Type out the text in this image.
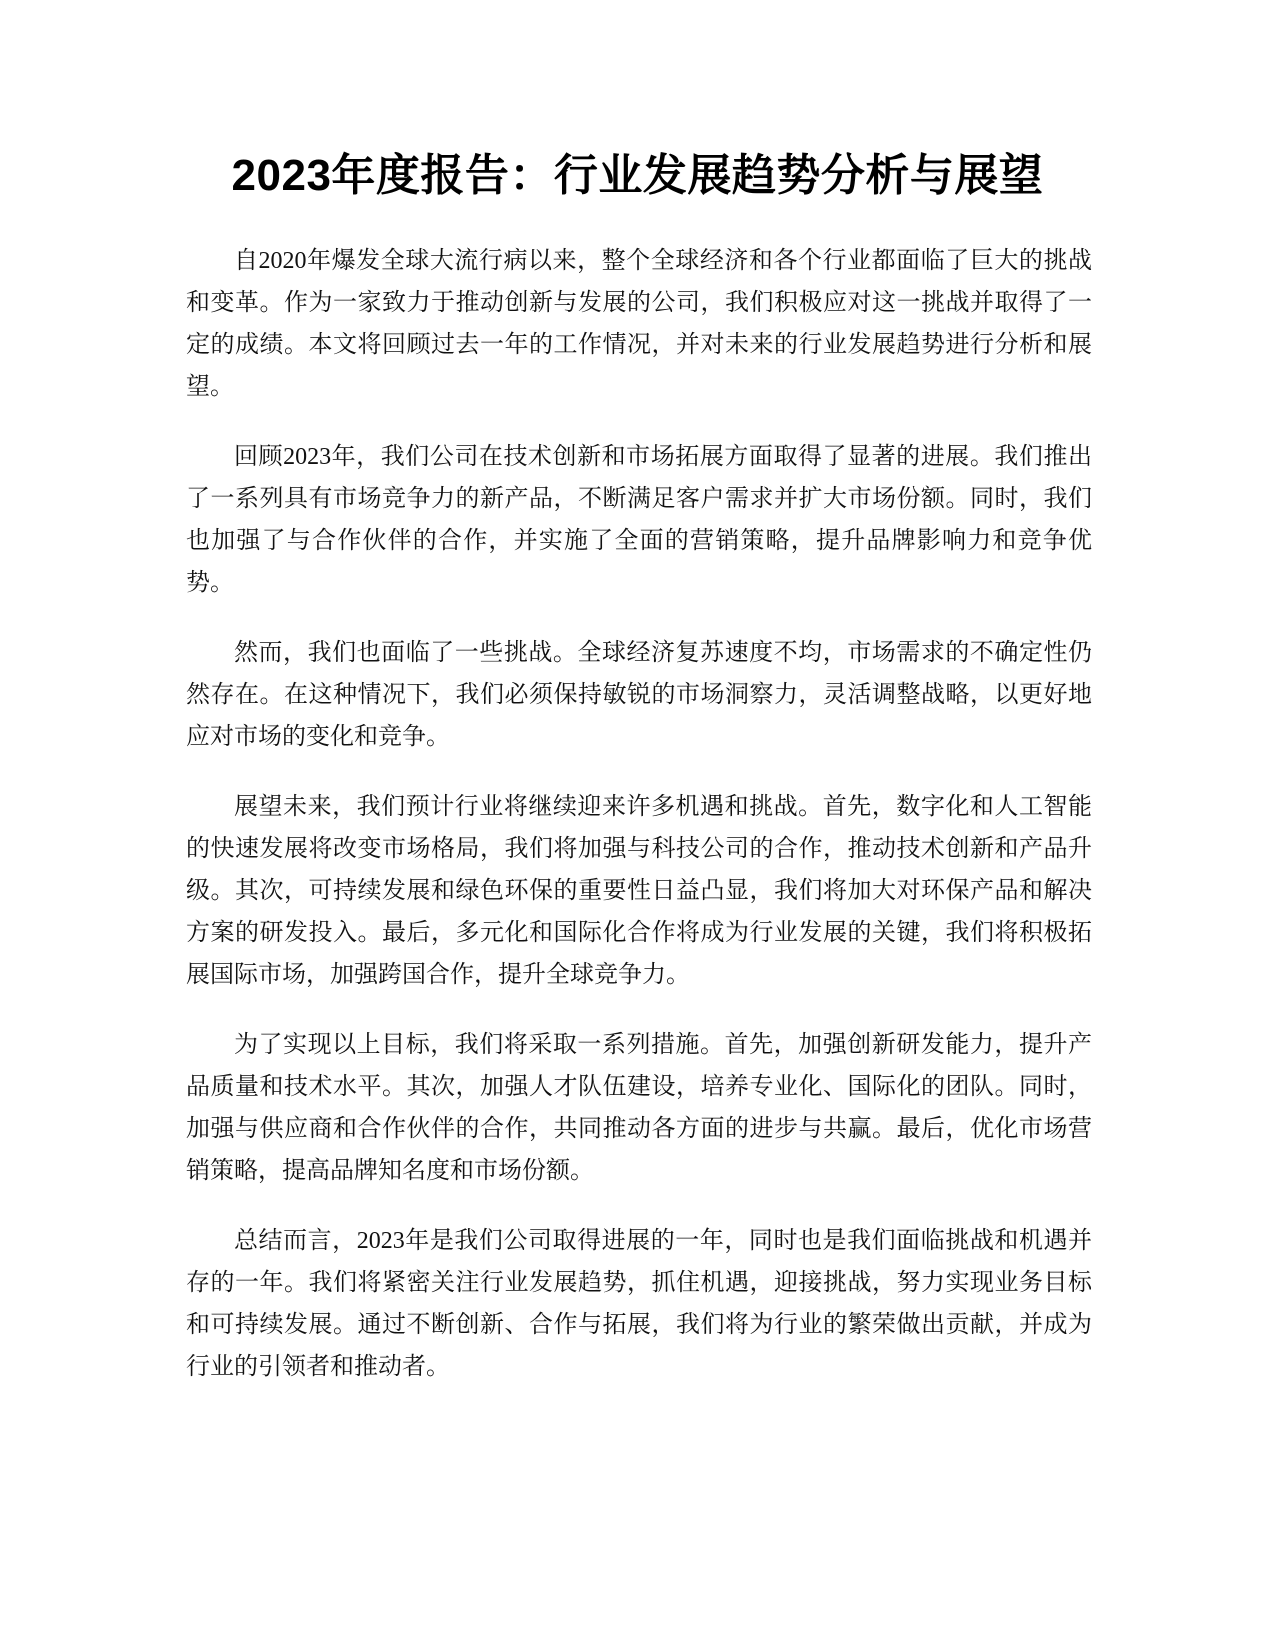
2023年度报告：行业发展趋势分析与展望

自2020年爆发全球大流行病以来，整个全球经济和各个行业都面临了巨大的挑战和变革。作为一家致力于推动创新与发展的公司，我们积极应对这一挑战并取得了一定的成绩。本文将回顾过去一年的工作情况，并对未来的行业发展趋势进行分析和展望。

回顾2023年，我们公司在技术创新和市场拓展方面取得了显著的进展。我们推出了一系列具有市场竞争力的新产品，不断满足客户需求并扩大市场份额。同时，我们也加强了与合作伙伴的合作，并实施了全面的营销策略，提升品牌影响力和竞争优势。

然而，我们也面临了一些挑战。全球经济复苏速度不均，市场需求的不确定性仍然存在。在这种情况下，我们必须保持敏锐的市场洞察力，灵活调整战略，以更好地应对市场的变化和竞争。

展望未来，我们预计行业将继续迎来许多机遇和挑战。首先，数字化和人工智能的快速发展将改变市场格局，我们将加强与科技公司的合作，推动技术创新和产品升级。其次，可持续发展和绿色环保的重要性日益凸显，我们将加大对环保产品和解决方案的研发投入。最后，多元化和国际化合作将成为行业发展的关键，我们将积极拓展国际市场，加强跨国合作，提升全球竞争力。

为了实现以上目标，我们将采取一系列措施。首先，加强创新研发能力，提升产品质量和技术水平。其次，加强人才队伍建设，培养专业化、国际化的团队。同时，加强与供应商和合作伙伴的合作，共同推动各方面的进步与共赢。最后，优化市场营销策略，提高品牌知名度和市场份额。

总结而言，2023年是我们公司取得进展的一年，同时也是我们面临挑战和机遇并存的一年。我们将紧密关注行业发展趋势，抓住机遇，迎接挑战，努力实现业务目标和可持续发展。通过不断创新、合作与拓展，我们将为行业的繁荣做出贡献，并成为行业的引领者和推动者。
